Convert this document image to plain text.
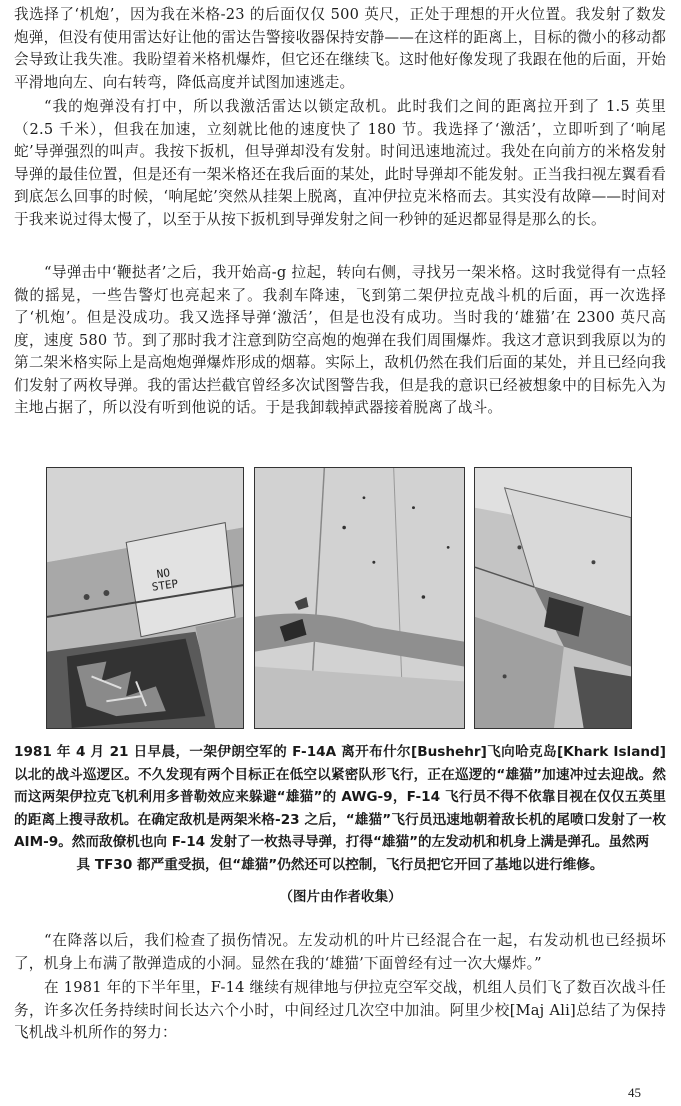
我选择了‘机炮’，因为我在米格-23 的后面仅仅 500 英尺，正处于理想的开火位置。我发射了数发炮弹，但没有使用雷达好让他的雷达告警接收器保持安静——在这样的距离上，目标的微小的移动都会导致让我失准。我盼望着米格机爆炸，但它还在继续飞。这时他好像发现了我跟在他的后面，开始平滑地向左、向右转弯，降低高度并试图加速逃走。

“我的炮弹没有打中，所以我激活雷达以锁定敌机。此时我们之间的距离拉开到了 1.5 英里（2.5 千米），但我在加速，立刻就比他的速度快了 180 节。我选择了‘激活’，立即听到了‘响尾蛇’导弹强烈的叫声。我按下扳机，但导弹却没有发射。时间迅速地流过。我处在向前方的米格发射导弹的最佳位置，但是还有一架米格还在我后面的某处，此时导弹却不能发射。正当我扫视左翼看看到底怎么回事的时候，‘响尾蛇’突然从挂架上脱离，直冲伊拉克米格而去。其实没有故障——时间对于我来说过得太慢了，以至于从按下扳机到导弹发射之间一秒钟的延迟都显得是那么的长。

“导弹击中‘鞭挞者’之后，我开始高-g 拉起，转向右侧，寻找另一架米格。这时我觉得有一点轻微的摇晃，一些告警灯也亮起来了。我刹车降速，飞到第二架伊拉克战斗机的后面，再一次选择了‘机炮’。但是没成功。我又选择导弹‘激活’，但是也没有成功。当时我的‘雄猫’在 2300 英尺高度，速度 580 节。到了那时我才注意到防空高炮的炮弹在我们周围爆炸。我这才意识到我原以为的第二架米格实际上是高炮炮弹爆炸形成的烟幕。实际上，敌机仍然在我们后面的某处，并且已经向我们发射了两枚导弹。我的雷达拦截官曾经多次试图警告我，但是我的意识已经被想象中的目标先入为主地占据了，所以没有听到他说的话。于是我卸载掉武器接着脱离了战斗。

NO
STEP

1981 年 4 月 21 日早晨，一架伊朗空军的 F-14A 离开布什尔[Bushehr]飞向哈克岛[Khark Island]以北的战斗巡逻区。不久发现有两个目标正在低空以紧密队形飞行，正在巡逻的“雄猫”加速冲过去迎战。然而这两架伊拉克飞机利用多普勒效应来躲避“雄猫”的 AWG-9，F-14 飞行员不得不依靠目视在仅仅五英里的距离上搜寻敌机。在确定敌机是两架米格-23 之后，“雄猫”飞行员迅速地朝着敌长机的尾喷口发射了一枚 AIM-9。然而敌僚机也向 F-14 发射了一枚热寻导弹，打得“雄猫”的左发动机和机身上满是弹孔。虽然两
具 TF30 都严重受损，但“雄猫”仍然还可以控制，飞行员把它开回了基地以进行维修。

（图片由作者收集）

“在降落以后，我们检查了损伤情况。左发动机的叶片已经混合在一起，右发动机也已经损坏了，机身上布满了散弹造成的小洞。显然在我的‘雄猫’下面曾经有过一次大爆炸。”

在 1981 年的下半年里，F-14 继续有规律地与伊拉克空军交战，机组人员们飞了数百次战斗任务，许多次任务持续时间长达六个小时，中间经过几次空中加油。阿里少校[Maj Ali]总结了为保持飞机战斗机所作的努力：

45
